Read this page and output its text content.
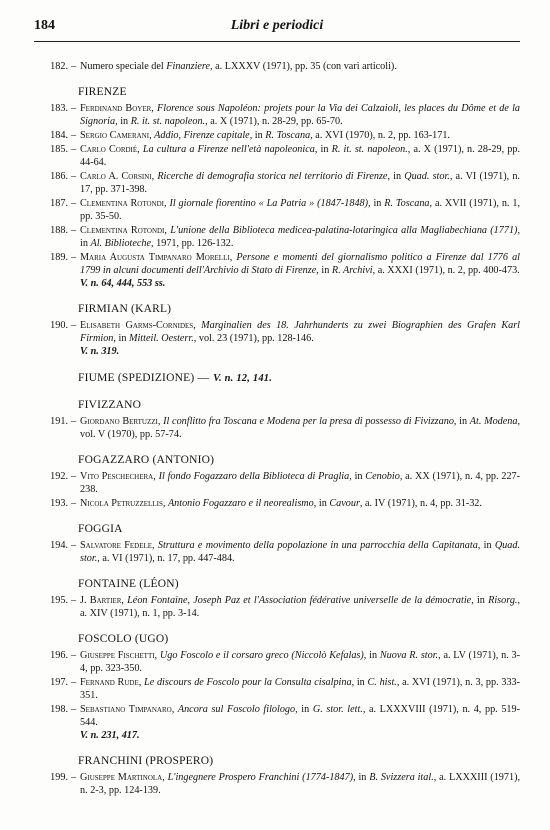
184	Libri e periodici
182. – Numero speciale del Finanziere, a. LXXXV (1971), pp. 35 (con vari articoli).
FIRENZE
183. – Ferdinand Boyer, Florence sous Napoléon: projets pour la Via dei Calzaioli, les places du Dôme et de la Signoria, in R. it. st. napoleon., a. X (1971), n. 28-29, pp. 65-70.
184. – Sergio Camerani, Addio, Firenze capitale, in R. Toscana, a. XVI (1970), n. 2, pp. 163-171.
185. – Carlo Cordié, La cultura a Firenze nell'età napoleonica, in R. it. st. napoleon., a. X (1971), n. 28-29, pp. 44-64.
186. – Carlo A. Corsini, Ricerche di demografia storica nel territorio di Firenze, in Quad. stor., a. VI (1971), n. 17, pp. 371-398.
187. – Clementina Rotondi, Il giornale fiorentino « La Patria » (1847-1848), in R. Toscana, a. XVII (1971), n. 1, pp. 35-50.
188. – Clementina Rotondi, L'unione della Biblioteca medicea-palatina-lotaringica alla Magliabechiana (1771), in Al. Biblioteche, 1971, pp. 126-132.
189. – Maria Augusta Timpanaro Morelli, Persone e momenti del giornalismo politico a Firenze dal 1776 al 1799 in alcuni documenti dell'Archivio di Stato di Firenze, in R. Archivi, a. XXXI (1971), n. 2, pp. 400-473.
V. n. 64, 444, 553 ss.
FIRMIAN (KARL)
190. – Elisabeth Garms-Cornides, Marginalien des 18. Jahrhunderts zu zwei Biographien des Grafen Karl Firmion, in Mitteil. Oesterr., vol. 23 (1971), pp. 128-146.
V. n. 319.
FIUME (SPEDIZIONE) — V. n. 12, 141.
FIVIZZANO
191. – Giordano Bertuzzi, Il conflitto fra Toscana e Modena per la presa di possesso di Fivizzano, in At. Modena, vol. V (1970), pp. 57-74.
FOGAZZARO (ANTONIO)
192. – Vito Peschechera, Il fondo Fogazzaro della Biblioteca di Praglia, in Cenobio, a. XX (1971), n. 4, pp. 227-238.
193. – Nicola Petruzzellis, Antonio Fogazzaro e il neorealismo, in Cavour, a. IV (1971), n. 4, pp. 31-32.
FOGGIA
194. – Salvatore Fedele, Struttura e movimento della popolazione in una parrocchia della Capitanata, in Quad. stor., a. VI (1971), n. 17, pp. 447-484.
FONTAINE (LÉON)
195. – J. Bartier, Léon Fontaine, Joseph Paz et l'Association fédérative universelle de la démocratie, in Risorg., a. XIV (1971), n. 1, pp. 3-14.
FOSCOLO (UGO)
196. – Giuseppe Fischetti, Ugo Foscolo e il corsaro greco (Niccolò Kefalas), in Nuova R. stor., a. LV (1971), n. 3-4, pp. 323-350.
197. – Fernand Rude, Le discours de Foscolo pour la Consulta cisalpina, in C. hist., a. XVI (1971), n. 3, pp. 333-351.
198. – Sebastiano Timpanaro, Ancora sul Foscolo filologo, in G. stor. lett., a. LXXXVIII (1971), n. 4, pp. 519-544.
V. n. 231, 417.
FRANCHINI (PROSPERO)
199. – Giuseppe Martinola, L'ingegnere Prospero Franchini (1774-1847), in B. Svizzera ital., a. LXXXIII (1971), n. 2-3, pp. 124-139.
